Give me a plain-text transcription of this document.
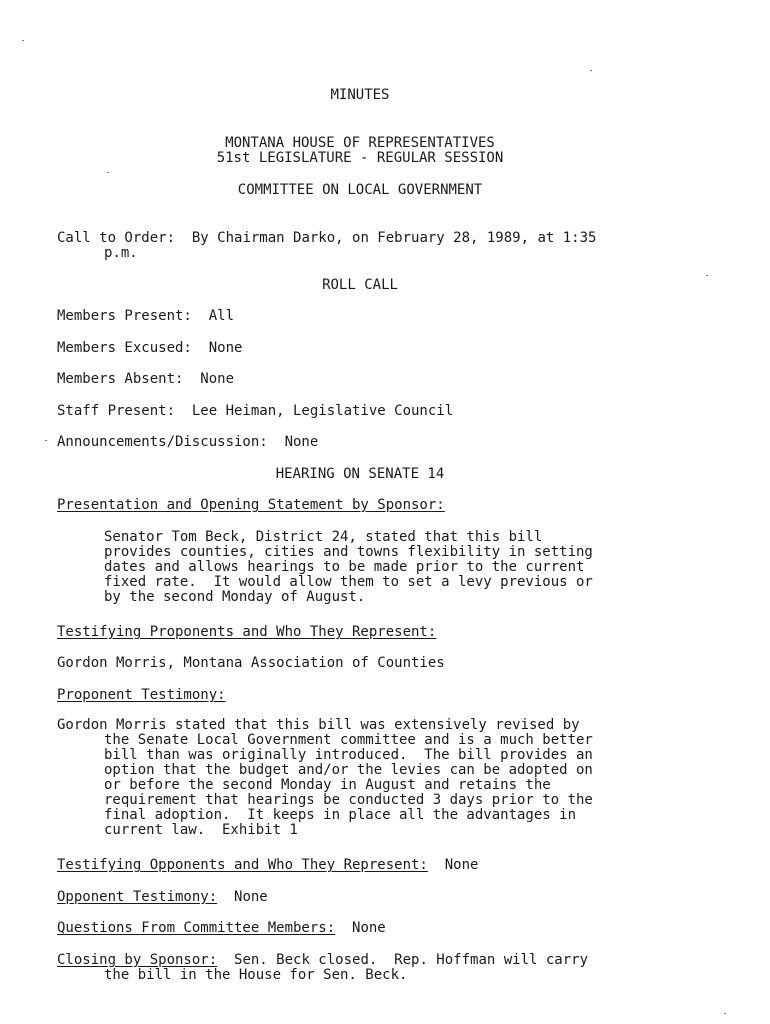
MINUTES
MONTANA HOUSE OF REPRESENTATIVES
51st LEGISLATURE - REGULAR SESSION
COMMITTEE ON LOCAL GOVERNMENT
Call to Order: By Chairman Darko, on February 28, 1989, at 1:35
p.m.
ROLL CALL
Members Present:  All
Members Excused:  None
Members Absent:  None
Staff Present:  Lee Heiman, Legislative Council
Announcements/Discussion:  None
HEARING ON SENATE 14
Presentation and Opening Statement by Sponsor:
Senator Tom Beck, District 24, stated that this bill
provides counties, cities and towns flexibility in setting
dates and allows hearings to be made prior to the current
fixed rate.  It would allow them to set a levy previous or
by the second Monday of August.
Testifying Proponents and Who They Represent:
Gordon Morris, Montana Association of Counties
Proponent Testimony:
Gordon Morris stated that this bill was extensively revised by
the Senate Local Government committee and is a much better
bill than was originally introduced.  The bill provides an
option that the budget and/or the levies can be adopted on
or before the second Monday in August and retains the
requirement that hearings be conducted 3 days prior to the
final adoption.  It keeps in place all the advantages in
current law.  Exhibit 1
Testifying Opponents and Who They Represent: None
Opponent Testimony: None
Questions From Committee Members: None
Closing by Sponsor: Sen. Beck closed.  Rep. Hoffman will carry
the bill in the House for Sen. Beck.
